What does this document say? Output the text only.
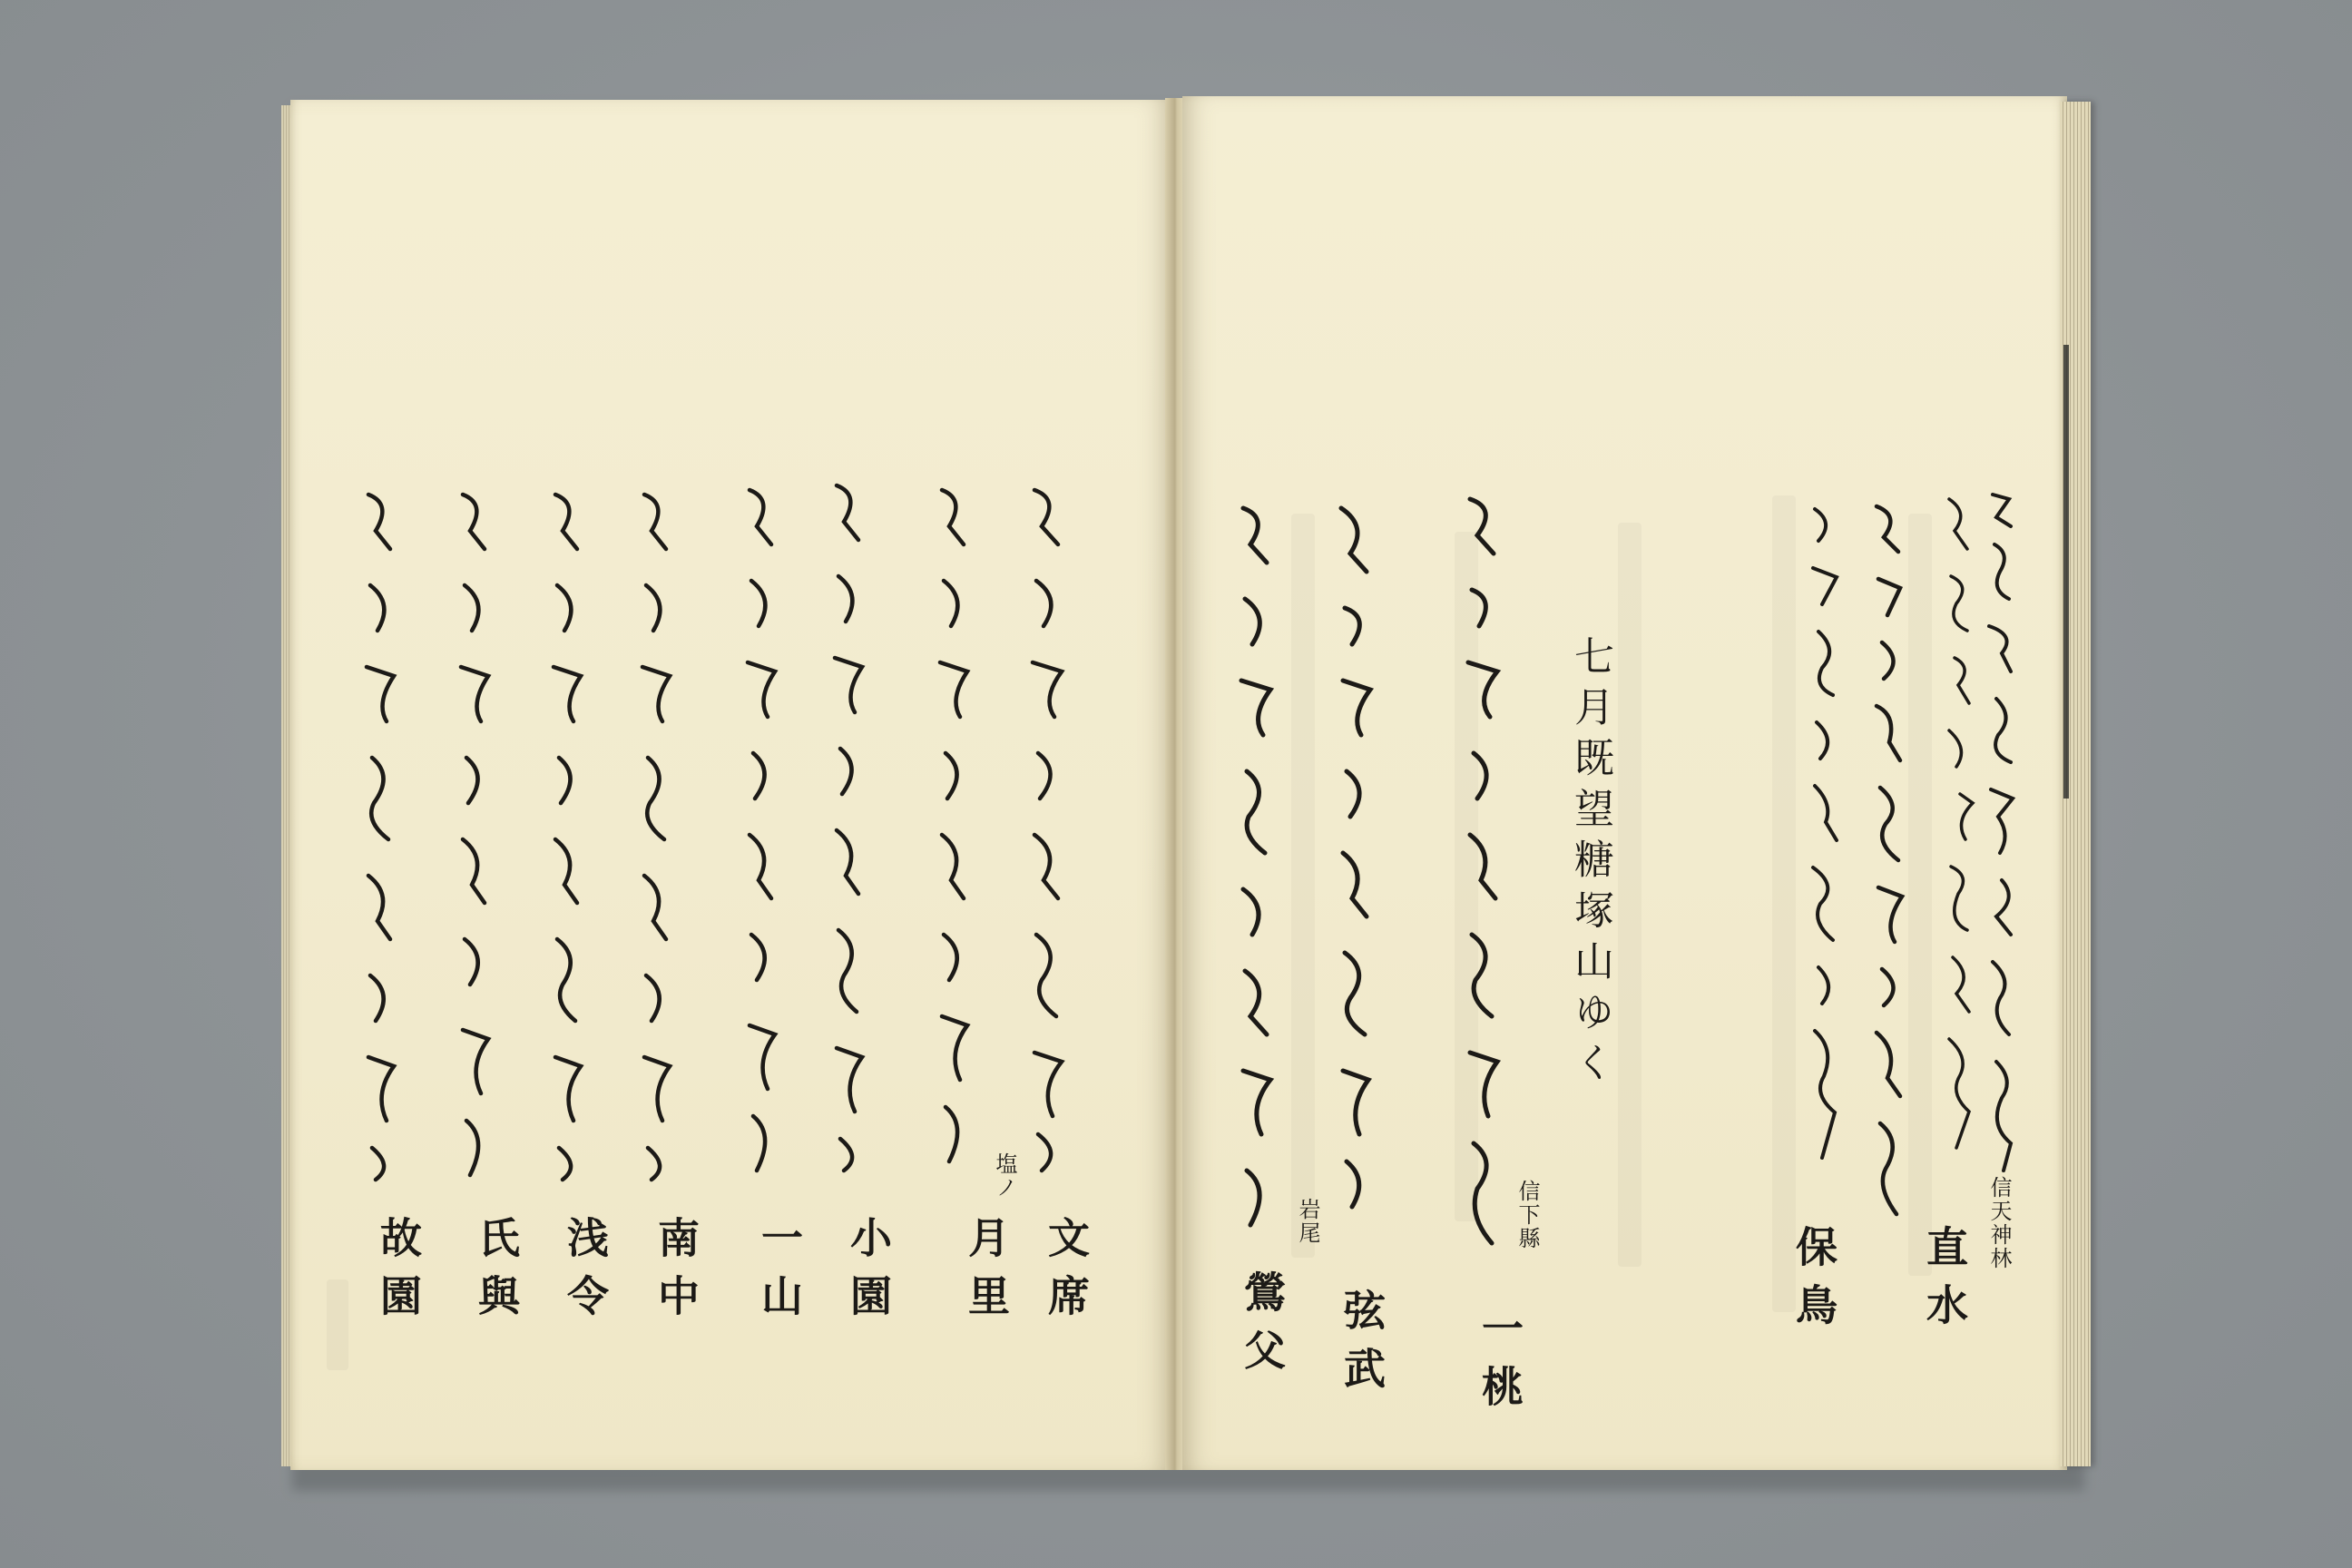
信天神林
直水
保鳥
七月既望糖塚山ゆく
信下縣
一桃
弦武
岩尾
鶯父
文席
塩ノ
月里
小園
一山
南中
浅令
氏與
故園
